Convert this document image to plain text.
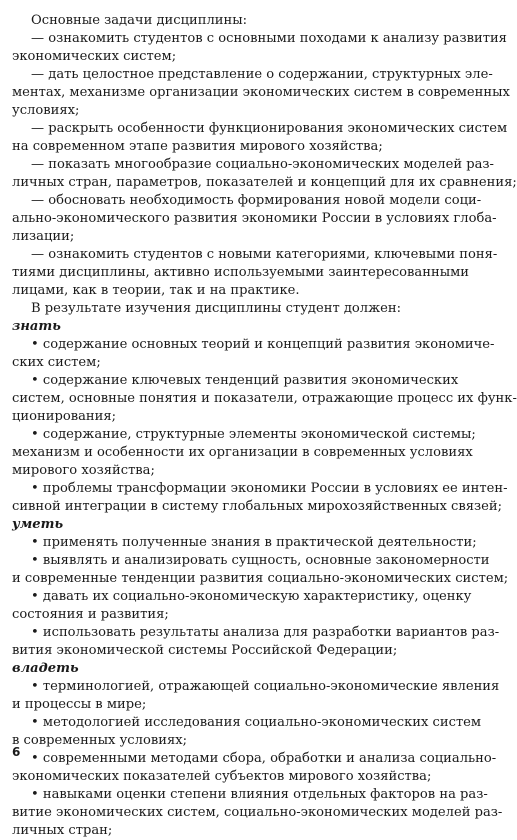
Основные задачи дисциплины:
— ознакомить студентов с основными походами к анализу развития
экономических систем;
— дать целостное представление о содержании, структурных эле-
ментах, механизме организации экономических систем в современных
условиях;
— раскрыть особенности функционирования экономических систем
на современном этапе развития мирового хозяйства;
— показать многообразие социально-экономических моделей раз-
личных стран, параметров, показателей и концепций для их сравнения;
— обосновать необходимость формирования новой модели соци-
ально-экономического развития экономики России в условиях глоба-
лизации;
— ознакомить студентов с новыми категориями, ключевыми поня-
тиями дисциплины, активно используемыми заинтересованными
лицами, как в теории, так и на практике.
В результате изучения дисциплины студент должен:
знать
• содержание основных теорий и концепций развития экономиче-
ских систем;
• содержание ключевых тенденций развития экономических
систем, основные понятия и показатели, отражающие процесс их функ-
ционирования;
• содержание, структурные элементы экономической системы;
механизм и особенности их организации в современных условиях
мирового хозяйства;
• проблемы трансформации экономики России в условиях ее интен-
сивной интеграции в систему глобальных мирохозяйственных связей;
уметь
• применять полученные знания в практической деятельности;
• выявлять и анализировать сущность, основные закономерности
и современные тенденции развития социально-экономических систем;
• давать их социально-экономическую характеристику, оценку
состояния и развития;
• использовать результаты анализа для разработки вариантов раз-
вития экономической системы Российской Федерации;
владеть
• терминологией, отражающей социально-экономические явления
и процессы в мире;
• методологией исследования социально-экономических систем
в современных условиях;
• современными методами сбора, обработки и анализа социально-
экономических показателей субъектов мирового хозяйства;
• навыками оценки степени влияния отдельных факторов на раз-
витие экономических систем, социально-экономических моделей раз-
личных стран;
6
